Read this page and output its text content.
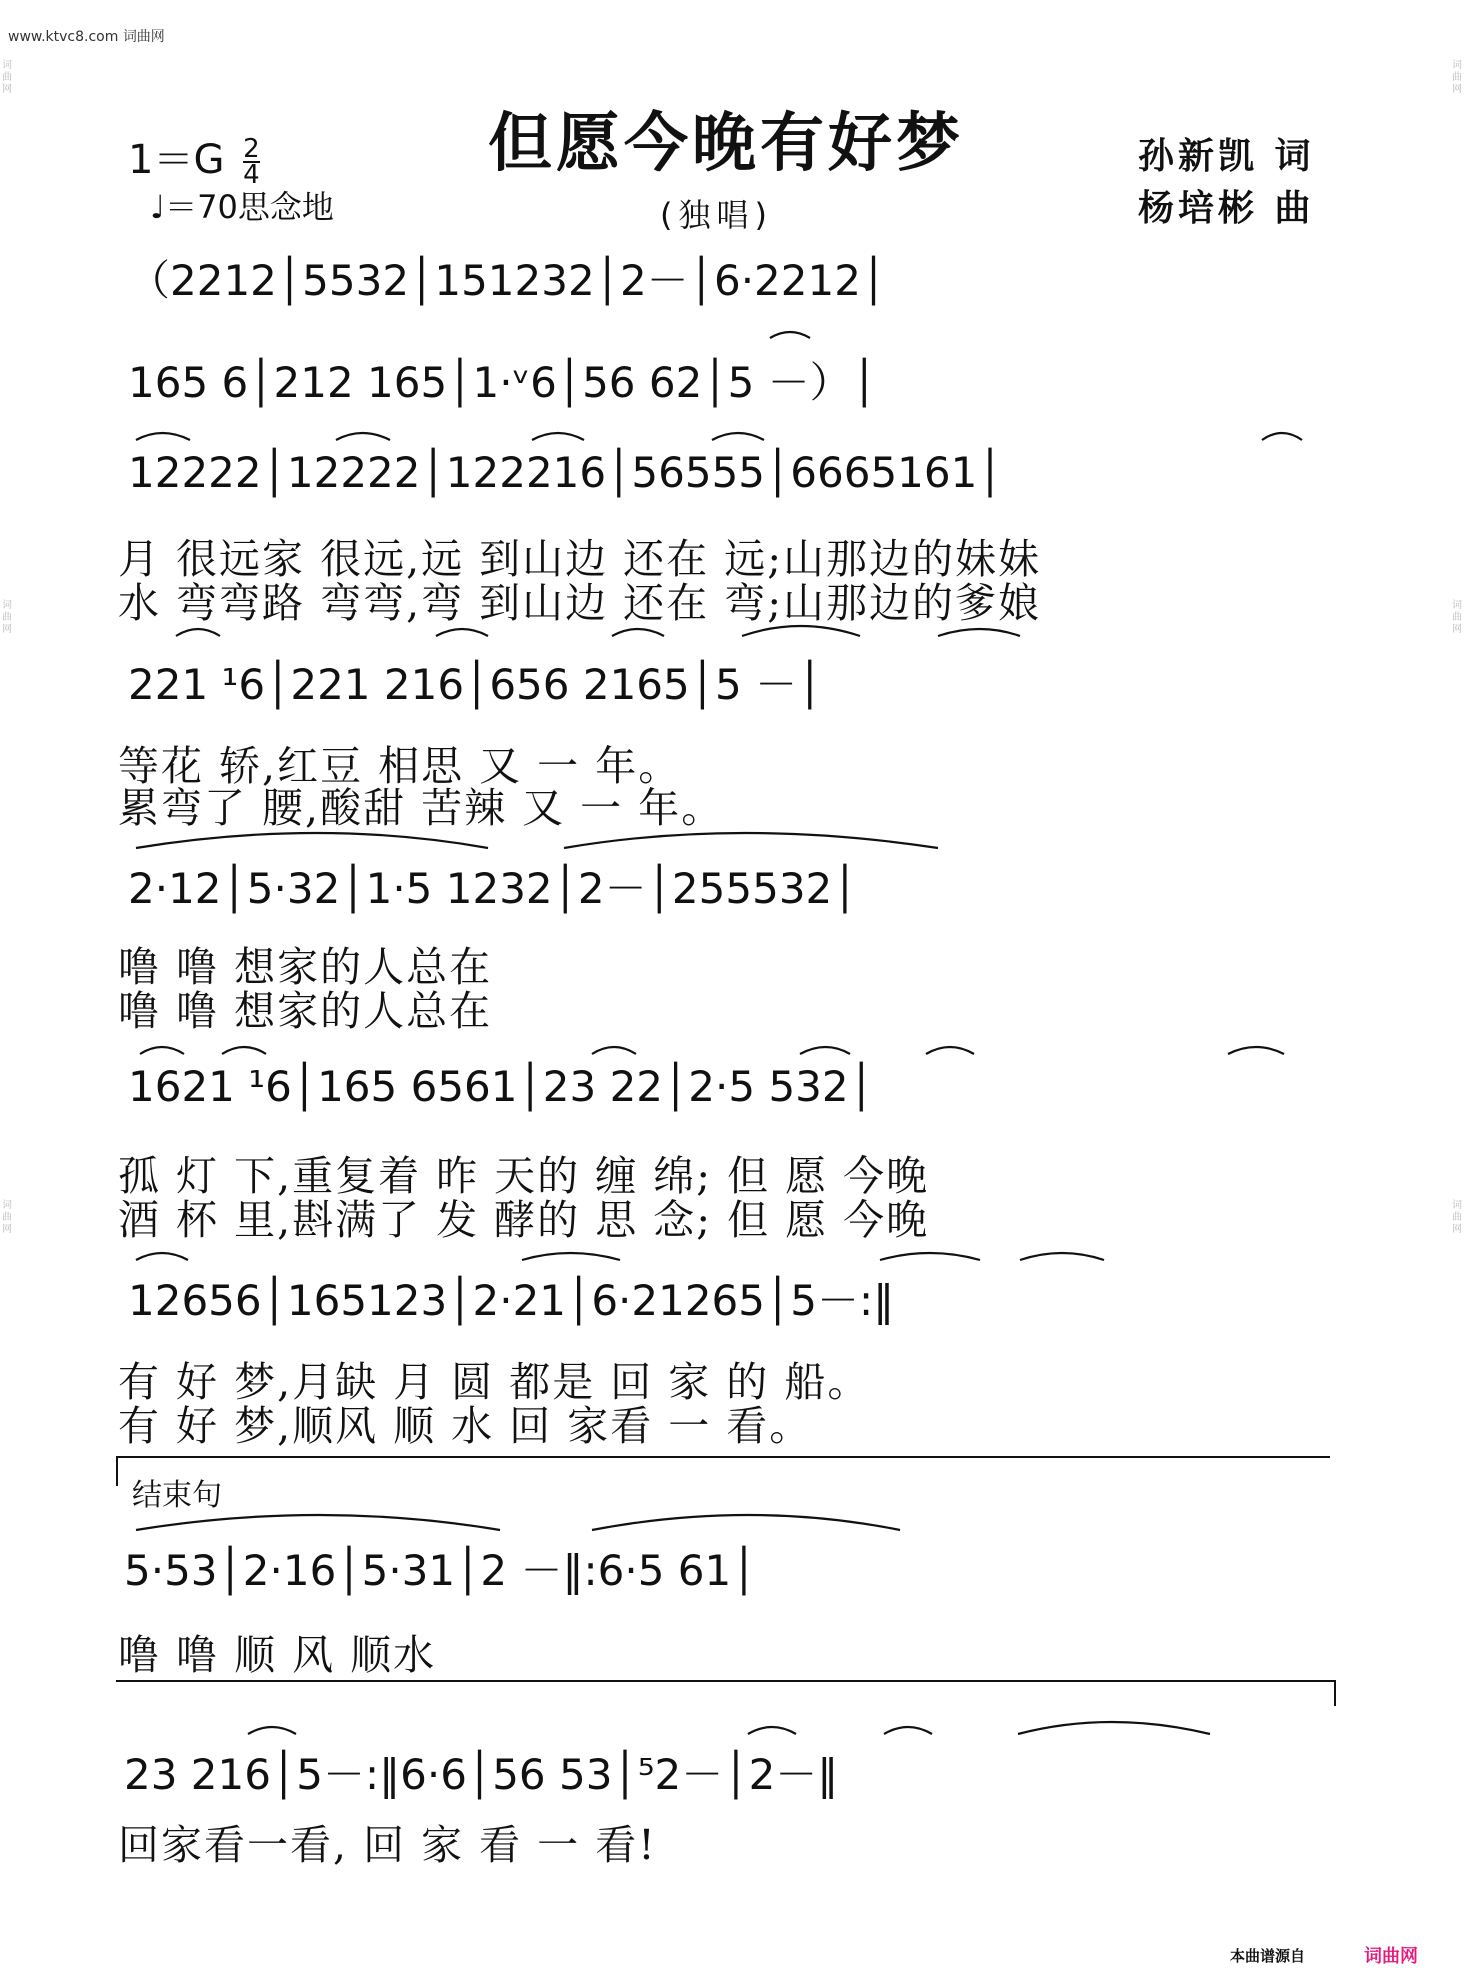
www.ktvc8.com 词曲网
但愿今晚有好梦
(独唱)
$1=G \frac{2}{4}$
♩＝70思念地
孙新凯 词
杨培彬 曲
（2212│5532│151232│2－│6·2212│
165 6│212 165│1·ᵛ6│56 62│5 －）│
12222│12222│122216│56555│6665161│
月 很远家 很远,远 到山边 还在 远;山那边的妹妹
水 弯弯路 弯弯,弯 到山边 还在 弯;山那边的爹娘
221 ¹6│221 216│656 2165│5 －│
等花 轿,红豆 相思 又 一 年。
累弯了 腰,酸甜 苦辣 又 一 年。
2·12│5·32│1·5 1232│2－│255532│
噜 噜 想家的人总在
噜 噜 想家的人总在
1621 ¹6│165 6561│23 22│2·5 532│
孤 灯 下,重复着 昨 天的 缠 绵; 但 愿 今晚
酒 杯 里,斟满了 发 酵的 思 念; 但 愿 今晚
12656│165123│2·21│6·21265│5－:‖
有 好 梦,月缺 月 圆 都是 回 家 的 船。
有 好 梦,顺风 顺 水 回 家看 一 看。
结束句
5·53│2·16│5·31│2 －‖:6·5 61│
噜 噜 顺 风 顺水
23 216│5－:‖6·6│56 53│⁵2－│2－‖
回家看一看, 回 家 看 一 看!
词曲网
词曲网
词曲网
词曲网
词曲网
词曲网
本曲谱源自	词曲网
